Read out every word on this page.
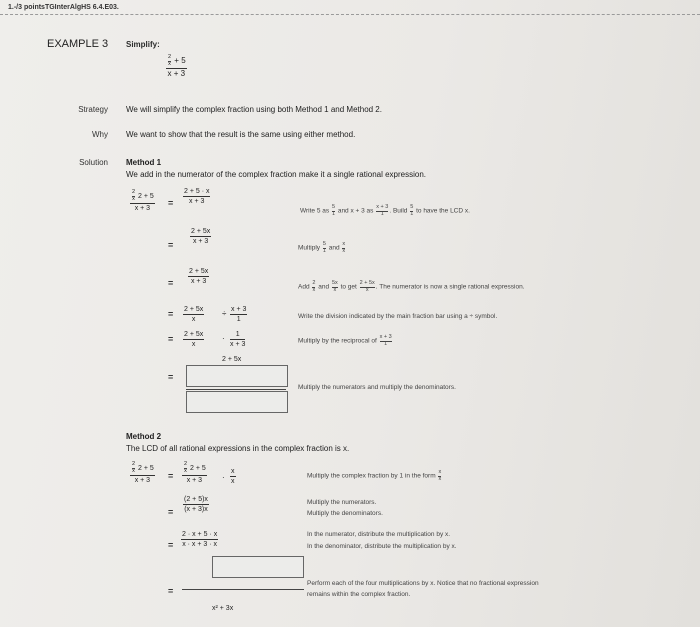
1.-/3 pointsTGInterAlgHS 6.4.E03.
EXAMPLE 3 Simplify:
$\frac{2}{x} + 5$
x + 3
Strategy We will simplify the complex fraction using both Method 1 and Method 2.
Why We want to show that the result is the same using either method.
Solution Method 1
We add in the numerator of the complex fraction make it a single rational expression.
$\frac{2}{x} 2 + 5$
x + 3
=
2 + 5 · x
x + 3
=
2 + 5x
x + 3
=
2 + 5x
x + 3
= 2 + 5x
x
÷ x + 3
1
= 2 + 5x
x
· 1
x + 3
2 + 5x
=
Write 5 as $\frac{5}{1}$ and x + 3 as $\frac{x + 3}{1}$ . Build $\frac{5}{1}$ to have the LCD x.
Multiply $\frac{5}{1}$ and $\frac{x}{x}$
Add $\frac{2}{x}$ and $\frac{5x}{x}$ to get $\frac{2 + 5x}{x}$ . The numerator is now a single rational expression.
Write the division indicated by the main fraction bar using a ÷ symbol.
Multiply by the reciprocal of $\frac{x + 3}{1}$
Multiply the numerators and multiply the denominators.
Method 2
The LCD of all rational expressions in the complex fraction is x.
$\frac{2}{x} 2 + 5$
x + 3 =
$\frac{2}{x} 2 + 5$
x + 3 ·
x
x
=
(2 + 5)x
(x + 3)x
=
2 · x + 5 · x
x · x + 3 · x
=
x² + 3x
Multiply the complex fraction by 1 in the form $\frac{x}{x}$
Multiply the numerators.
Multiply the denominators.
In the numerator, distribute the multiplication by x.
In the denominator, distribute the multiplication by x.
Perform each of the four multiplications by x. Notice that no fractional expression
remains within the complex fraction.
